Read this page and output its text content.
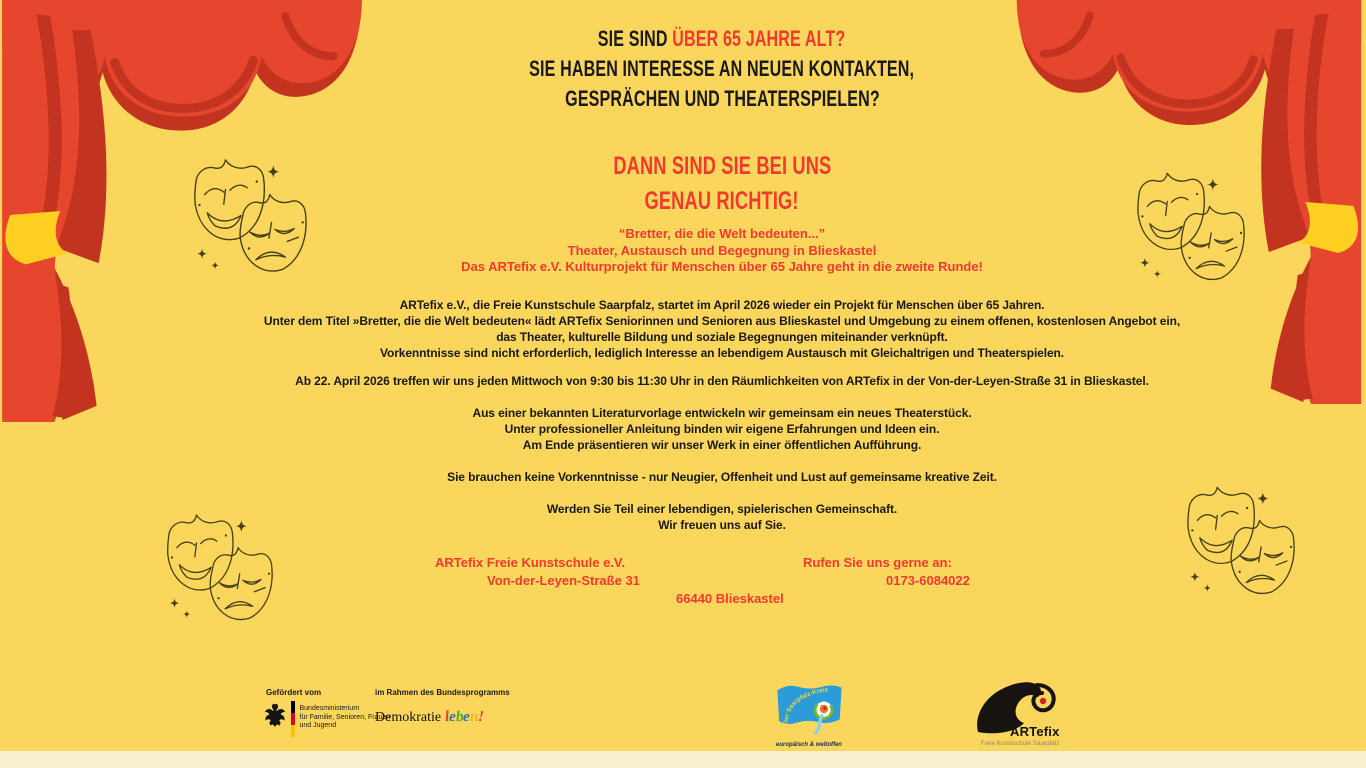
SIE SIND ÜBER 65 JAHRE ALT?
SIE HABEN INTERESSE AN NEUEN KONTAKTEN,
GESPRÄCHEN UND THEATERSPIELEN?
DANN SIND SIE BEI UNS
GENAU RICHTIG!
“Bretter, die die Welt bedeuten...”
Theater, Austausch und Begegnung in Blieskastel
Das ARTefix e.V. Kulturprojekt für Menschen über 65 Jahre geht in die zweite Runde!
ARTefix e.V., die Freie Kunstschule Saarpfalz, startet im April 2026 wieder ein Projekt für Menschen über 65 Jahren.
Unter dem Titel »Bretter, die die Welt bedeuten« lädt ARTefix Seniorinnen und Senioren aus Blieskastel und Umgebung zu einem offenen, kostenlosen Angebot ein,
das Theater, kulturelle Bildung und soziale Begegnungen miteinander verknüpft.
Vorkenntnisse sind nicht erforderlich, lediglich Interesse an lebendigem Austausch mit Gleichaltrigen und Theaterspielen.
Ab 22. April 2026 treffen wir uns jeden Mittwoch von 9:30 bis 11:30 Uhr in den Räumlichkeiten von ARTefix in der Von-der-Leyen-Straße 31 in Blieskastel.
Aus einer bekannten Literaturvorlage entwickeln wir gemeinsam ein neues Theaterstück.
Unter professioneller Anleitung binden wir eigene Erfahrungen und Ideen ein.
Am Ende präsentieren wir unser Werk in einer öffentlichen Aufführung.
Sie brauchen keine Vorkenntnisse - nur Neugier, Offenheit und Lust auf gemeinsame kreative Zeit.
Werden Sie Teil einer lebendigen, spielerischen Gemeinschaft.
Wir freuen uns auf Sie.
ARTefix Freie Kunstschule e.V.
Von-der-Leyen-Straße 31
66440 Blieskastel
Rufen Sie uns gerne an:
0173-6084022
Gefördert vom
Bundesministerium
für Familie, Senioren, Frauen
und Jugend
im Rahmen des Bundesprogramms
Demokratie leben!	Der Saarpfalz-Kreis
europäisch & weltoffen
ARTefix
Freie Kunstschule Saarpfalz
